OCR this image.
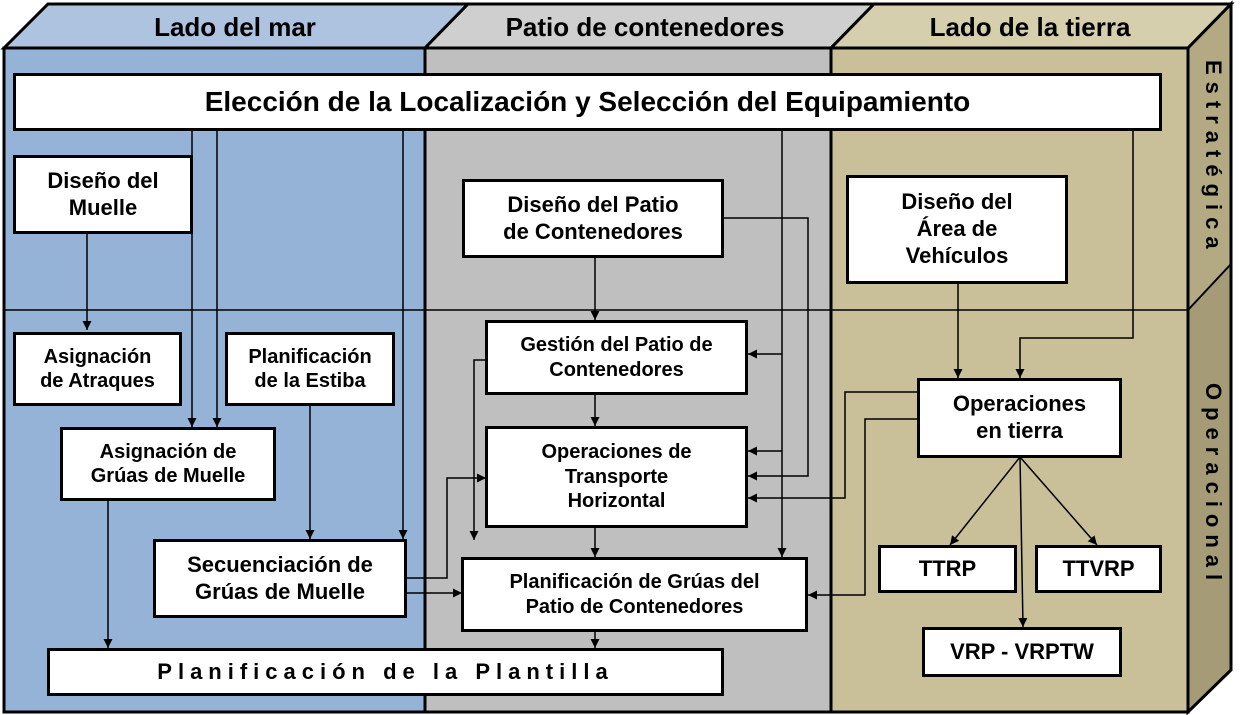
Lado del mar	Patio de contenedores	Lado de la tierra
Estratégica
Operacional
Elección de la Localización y Selección del Equipamiento
Diseño del
Muelle	Diseño del Patio
de Contenedores
Diseño del
Área de
Vehículos
Asignación
de Atraques
Planificación
de la Estiba
Gestión del Patio de
Contenedores
Asignación de
Grúas de Muelle
Operaciones de
Transporte
Horizontal
Operaciones
en tierra
Secuenciación de
Grúas de Muelle	Planificación de Grúas del
Patio de Contenedores
TTRP	TTVRP
VRP - VRPTW
Planificación de la Plantilla
